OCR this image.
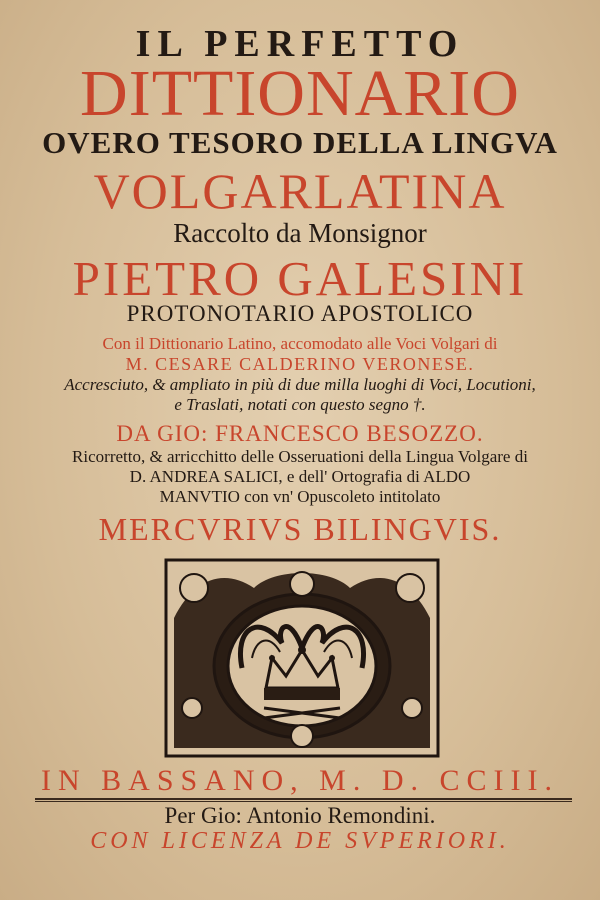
IL PERFETTO
DITTIONARIO
OVERO TESORO DELLA LINGVA
VOLGARLATINA
Raccolto da Monsignor
PIETRO GALESINI
PROTONOTARIO APOSTOLICO
Con il Dittionario Latino, accomodato alle Voci Volgari di
M. CESARE CALDERINO VERONESE.
Accresciuto, & ampliato in più di due milla luoghi di Voci, Locutioni,
e Traslati, notati con questo segno †.
DA GIO: FRANCESCO BESOZZO.
Ricorretto, & arricchitto delle Osseruationi della Lingua Volgare di
D. ANDREA SALICI, e dell' Ortografia di ALDO
MANVTIO con vn' Opuscoleto intitolato
MERCVRIVS BILINGVIS.
IN BASSANO, M. D. CCIII.
Per Gio: Antonio Remondini.
CON LICENZA DE SVPERIORI.
